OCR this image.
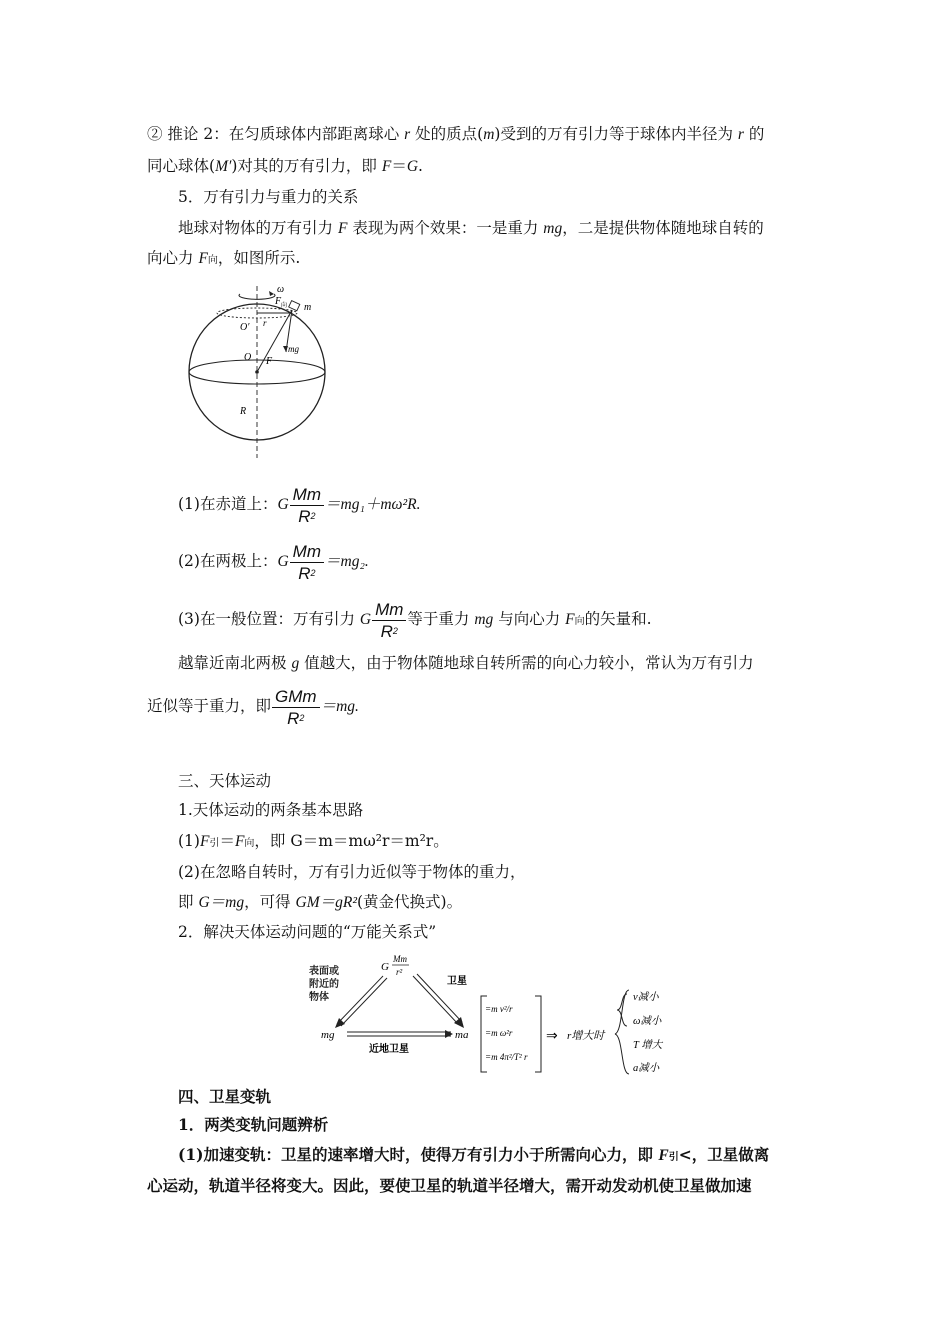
② 推论 2：在匀质球体内部距离球心 r 处的质点(m)受到的万有引力等于球体内半径为 r 的
同心球体(M′)对其的万有引力，即 F＝G.
5．万有引力与重力的关系
地球对物体的万有引力 F 表现为两个效果：一是重力 mg，二是提供物体随地球自转的
向心力 F向，如图所示.
ω
F 向 m
O′ r
O
mg
F
R
(1)在赤道上：G $\frac{Mm}{R^2} =mg_1+m\omega^2R$.
(2)在两极上：G $\frac{Mm}{R^2} =mg_2$.
(3)在一般位置：万有引力 G $\frac{Mm}{R^2}$ 等于重力 mg 与向心力 F向的矢量和.
越靠近南北两极 g 值越大，由于物体随地球自转所需的向心力较小，常认为万有引力
近似等于重力，即 $\frac{\text{GMm}}{R^2} =mg$.
三、天体运动
1.天体运动的两条基本思路
(1)F引＝F向，即 G＝m＝mω²r＝m²r。
(2)在忽略自转时，万有引力近似等于物体的重力，
即 G＝mg，可得 GM＝gR²(黄金代换式)。
2．解决天体运动问题的“万能关系式”
G
Mm
r²
表面或
附近的
物体
卫星
mg	ma
近地卫星
=m v²/r
=m ω²r
=m 4π²/T² r
⇒ r增大时
v减小
ω减小
T 增大
a减小
四、卫星变轨
1．两类变轨问题辨析
(1)加速变轨：卫星的速率增大时，使得万有引力小于所需向心力，即 F引<，卫星做离
心运动，轨道半径将变大。因此，要使卫星的轨道半径增大，需开动发动机使卫星做加速
